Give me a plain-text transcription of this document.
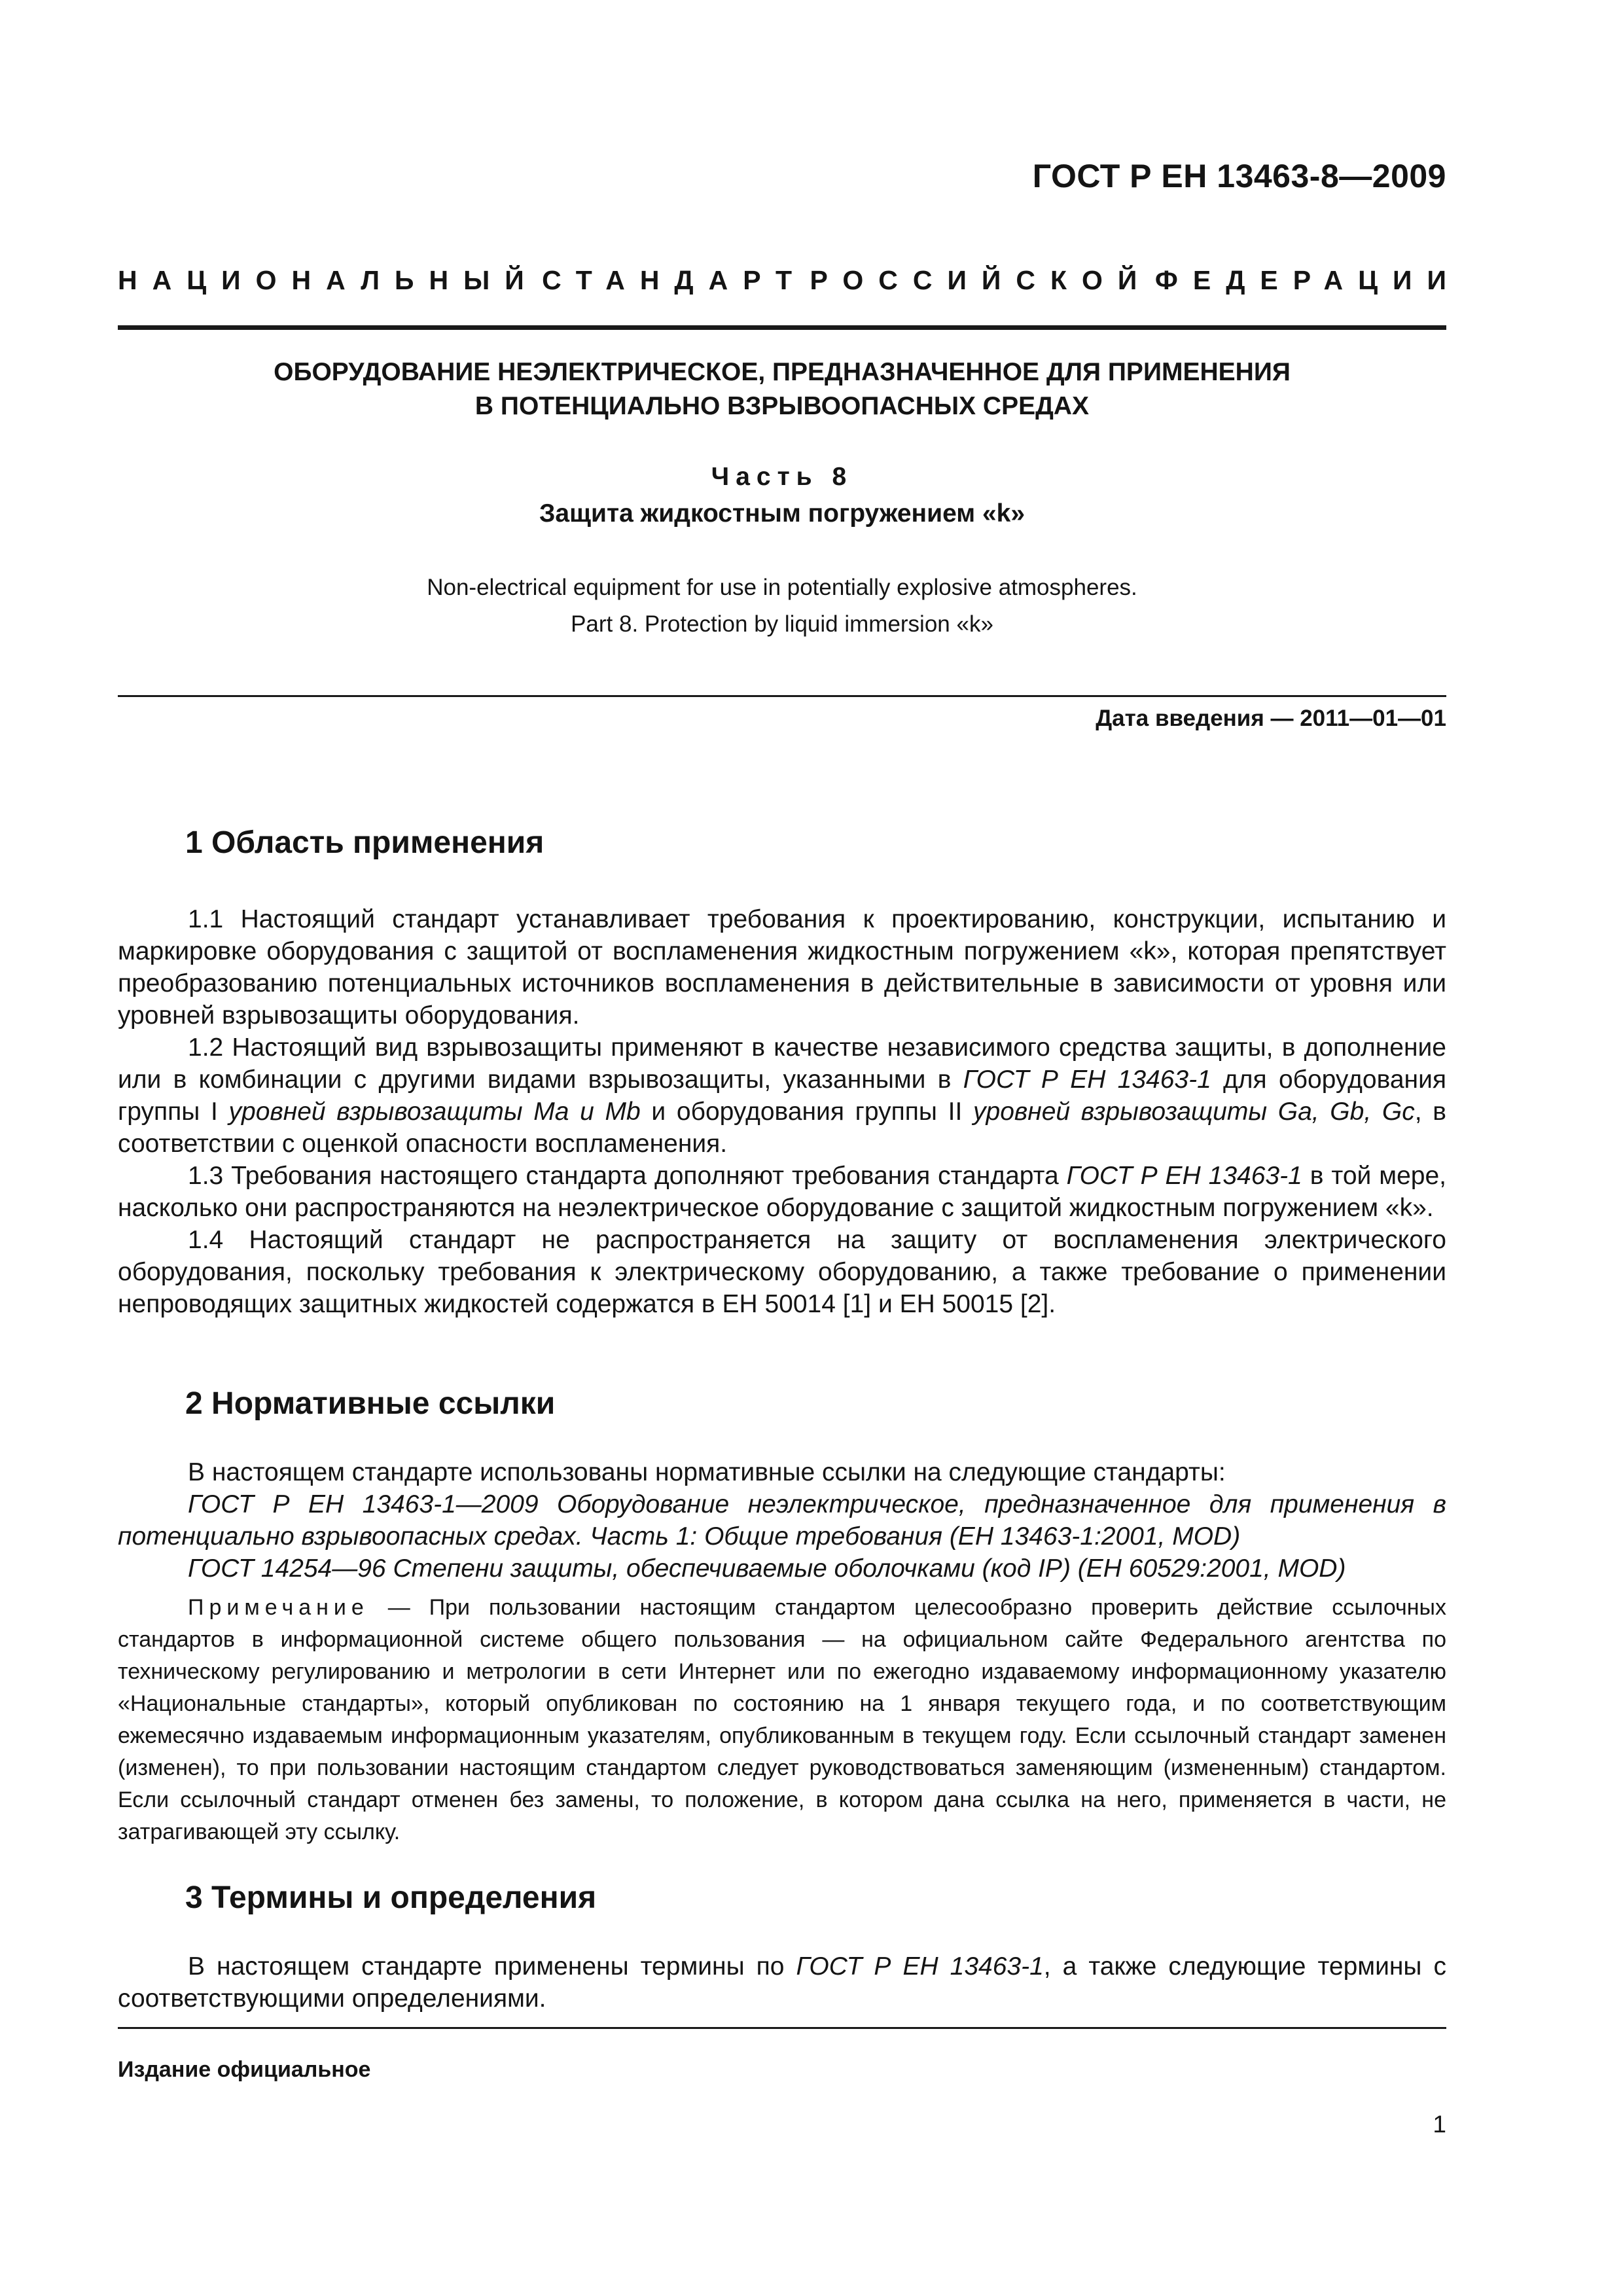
ГОСТ Р ЕН 13463-8—2009
НАЦИОНАЛЬНЫЙ СТАНДАРТ РОССИЙСКОЙ ФЕДЕРАЦИИ
ОБОРУДОВАНИЕ НЕЭЛЕКТРИЧЕСКОЕ, ПРЕДНАЗНАЧЕННОЕ ДЛЯ ПРИМЕНЕНИЯ
В ПОТЕНЦИАЛЬНО ВЗРЫВООПАСНЫХ СРЕДАХ
Часть 8
Защита жидкостным погружением «k»
Non-electrical equipment for use in potentially explosive atmospheres.
Part 8. Protection by liquid immersion «k»
Дата введения — 2011—01—01
1 Область применения

1.1 Настоящий стандарт устанавливает требования к проектированию, конструкции, испытанию и маркировке оборудования с защитой от воспламенения жидкостным погружением «k», которая препятствует преобразованию потенциальных источников воспламенения в действительные в зависимости от уровня или уровней взрывозащиты оборудования.

1.2 Настоящий вид взрывозащиты применяют в качестве независимого средства защиты, в дополнение или в комбинации с другими видами взрывозащиты, указанными в ГОСТ Р ЕН 13463-1 для оборудования группы I уровней взрывозащиты Ma и Mb и оборудования группы II уровней взрывозащиты Ga, Gb, Gc, в соответствии с оценкой опасности воспламенения.

1.3 Требования настоящего стандарта дополняют требования стандарта ГОСТ Р ЕН 13463-1 в той мере, насколько они распространяются на неэлектрическое оборудование с защитой жидкостным погружением «k».

1.4 Настоящий стандарт не распространяется на защиту от воспламенения электрического оборудования, поскольку требования к электрическому оборудованию, а также требование о применении непроводящих защитных жидкостей содержатся в ЕН 50014 [1] и ЕН 50015 [2].

2 Нормативные ссылки

В настоящем стандарте использованы нормативные ссылки на следующие стандарты:

ГОСТ Р ЕН 13463-1—2009 Оборудование неэлектрическое, предназначенное для применения в потенциально взрывоопасных средах. Часть 1: Общие требования (ЕН 13463-1:2001, MOD)

ГОСТ 14254—96 Степени защиты, обеспечиваемые оболочками (код IP) (ЕН 60529:2001, MOD)

Примечание — При пользовании настоящим стандартом целесообразно проверить действие ссылочных стандартов в информационной системе общего пользования — на официальном сайте Федерального агентства по техническому регулированию и метрологии в сети Интернет или по ежегодно издаваемому информационному указателю «Национальные стандарты», который опубликован по состоянию на 1 января текущего года, и по соответствующим ежемесячно издаваемым информационным указателям, опубликованным в текущем году. Если ссылочный стандарт заменен (изменен), то при пользовании настоящим стандартом следует руководствоваться заменяющим (измененным) стандартом. Если ссылочный стандарт отменен без замены, то положение, в котором дана ссылка на него, применяется в части, не затрагивающей эту ссылку.
3 Термины и определения

В настоящем стандарте применены термины по ГОСТ Р ЕН 13463-1, а также следующие термины с соответствующими определениями.

Издание официальное
1
